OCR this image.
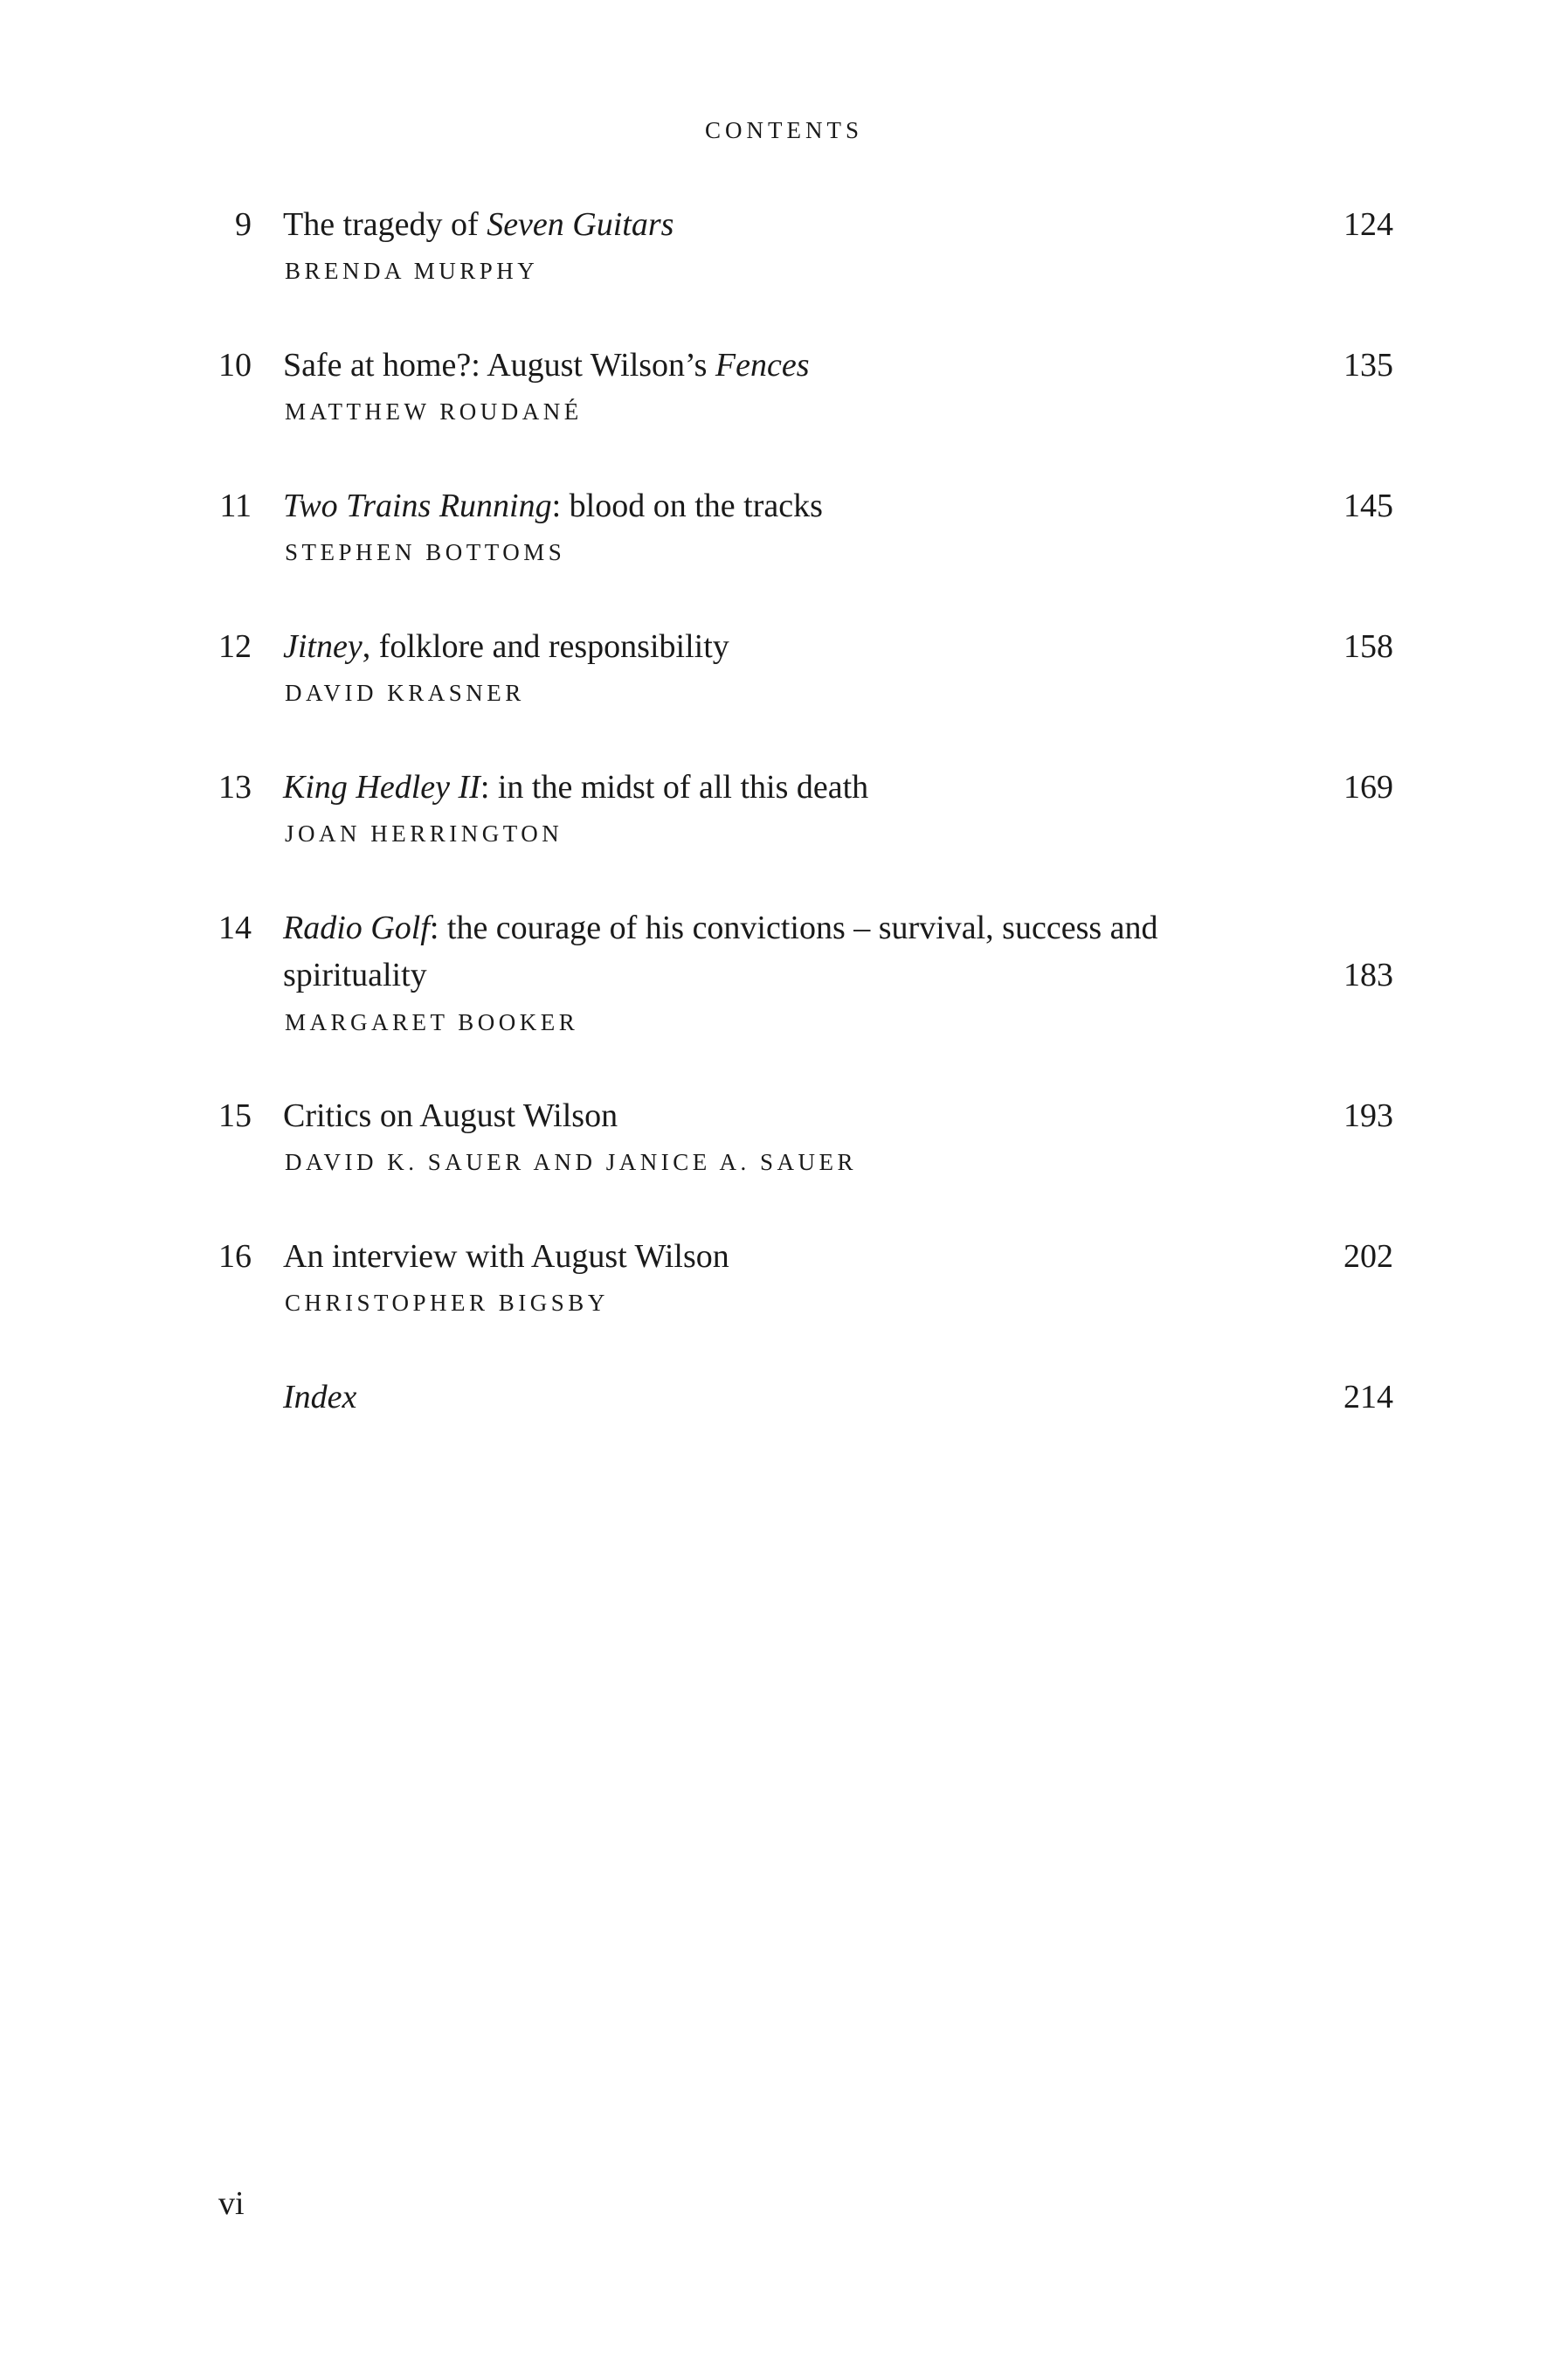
CONTENTS
9 The tragedy of Seven Guitars	124
BRENDA MURPHY
10 Safe at home?: August Wilson’s Fences	135
MATTHEW ROUDANÉ
11 Two Trains Running: blood on the tracks	145
STEPHEN BOTTOMS
12 Jitney, folklore and responsibility	158
DAVID KRASNER
13 King Hedley II: in the midst of all this death	169
JOAN HERRINGTON
14 Radio Golf: the courage of his convictions – survival, success and
spirituality	183
MARGARET BOOKER
15 Critics on August Wilson	193
DAVID K. SAUER AND JANICE A. SAUER
16 An interview with August Wilson	202
CHRISTOPHER BIGSBY
Index	214
vi
